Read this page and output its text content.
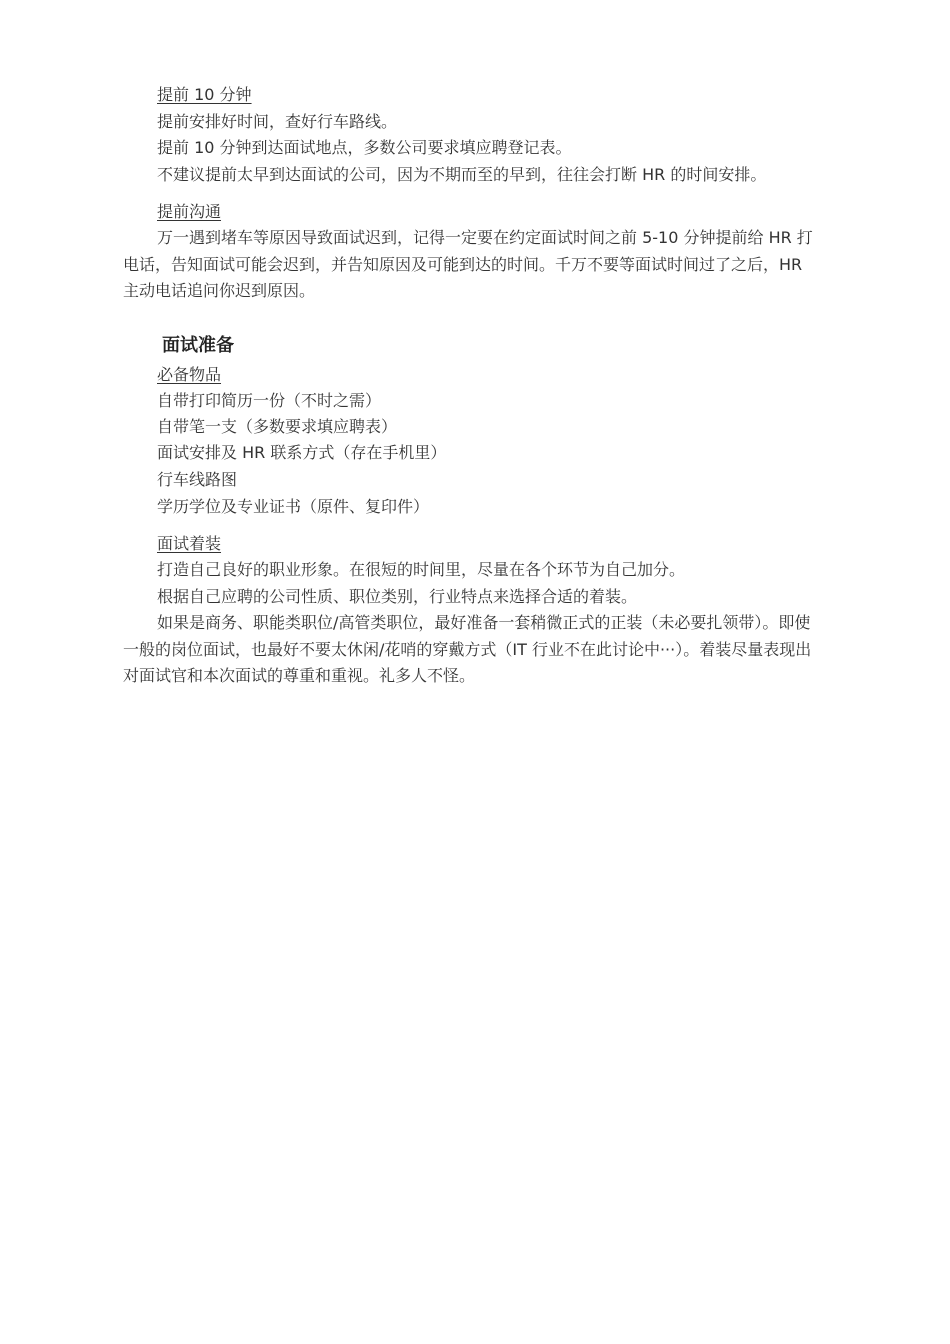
提前 10 分钟
提前安排好时间，查好行车路线。
提前 10 分钟到达面试地点，多数公司要求填应聘登记表。
不建议提前太早到达面试的公司，因为不期而至的早到，往往会打断 HR 的时间安排。
提前沟通
万一遇到堵车等原因导致面试迟到，记得一定要在约定面试时间之前 5-10 分钟提前给 HR 打电话，告知面试可能会迟到，并告知原因及可能到达的时间。千万不要等面试时间过了之后，HR 主动电话追问你迟到原因。
面试准备
必备物品
自带打印简历一份（不时之需）
自带笔一支（多数要求填应聘表）
面试安排及 HR 联系方式（存在手机里）
行车线路图
学历学位及专业证书（原件、复印件）
面试着装
打造自己良好的职业形象。在很短的时间里，尽量在各个环节为自己加分。
根据自己应聘的公司性质、职位类别，行业特点来选择合适的着装。
如果是商务、职能类职位/高管类职位，最好准备一套稍微正式的正装（未必要扎领带）。即使一般的岗位面试，也最好不要太休闲/花哨的穿戴方式（IT 行业不在此讨论中···）。着装尽量表现出对面试官和本次面试的尊重和重视。礼多人不怪。
